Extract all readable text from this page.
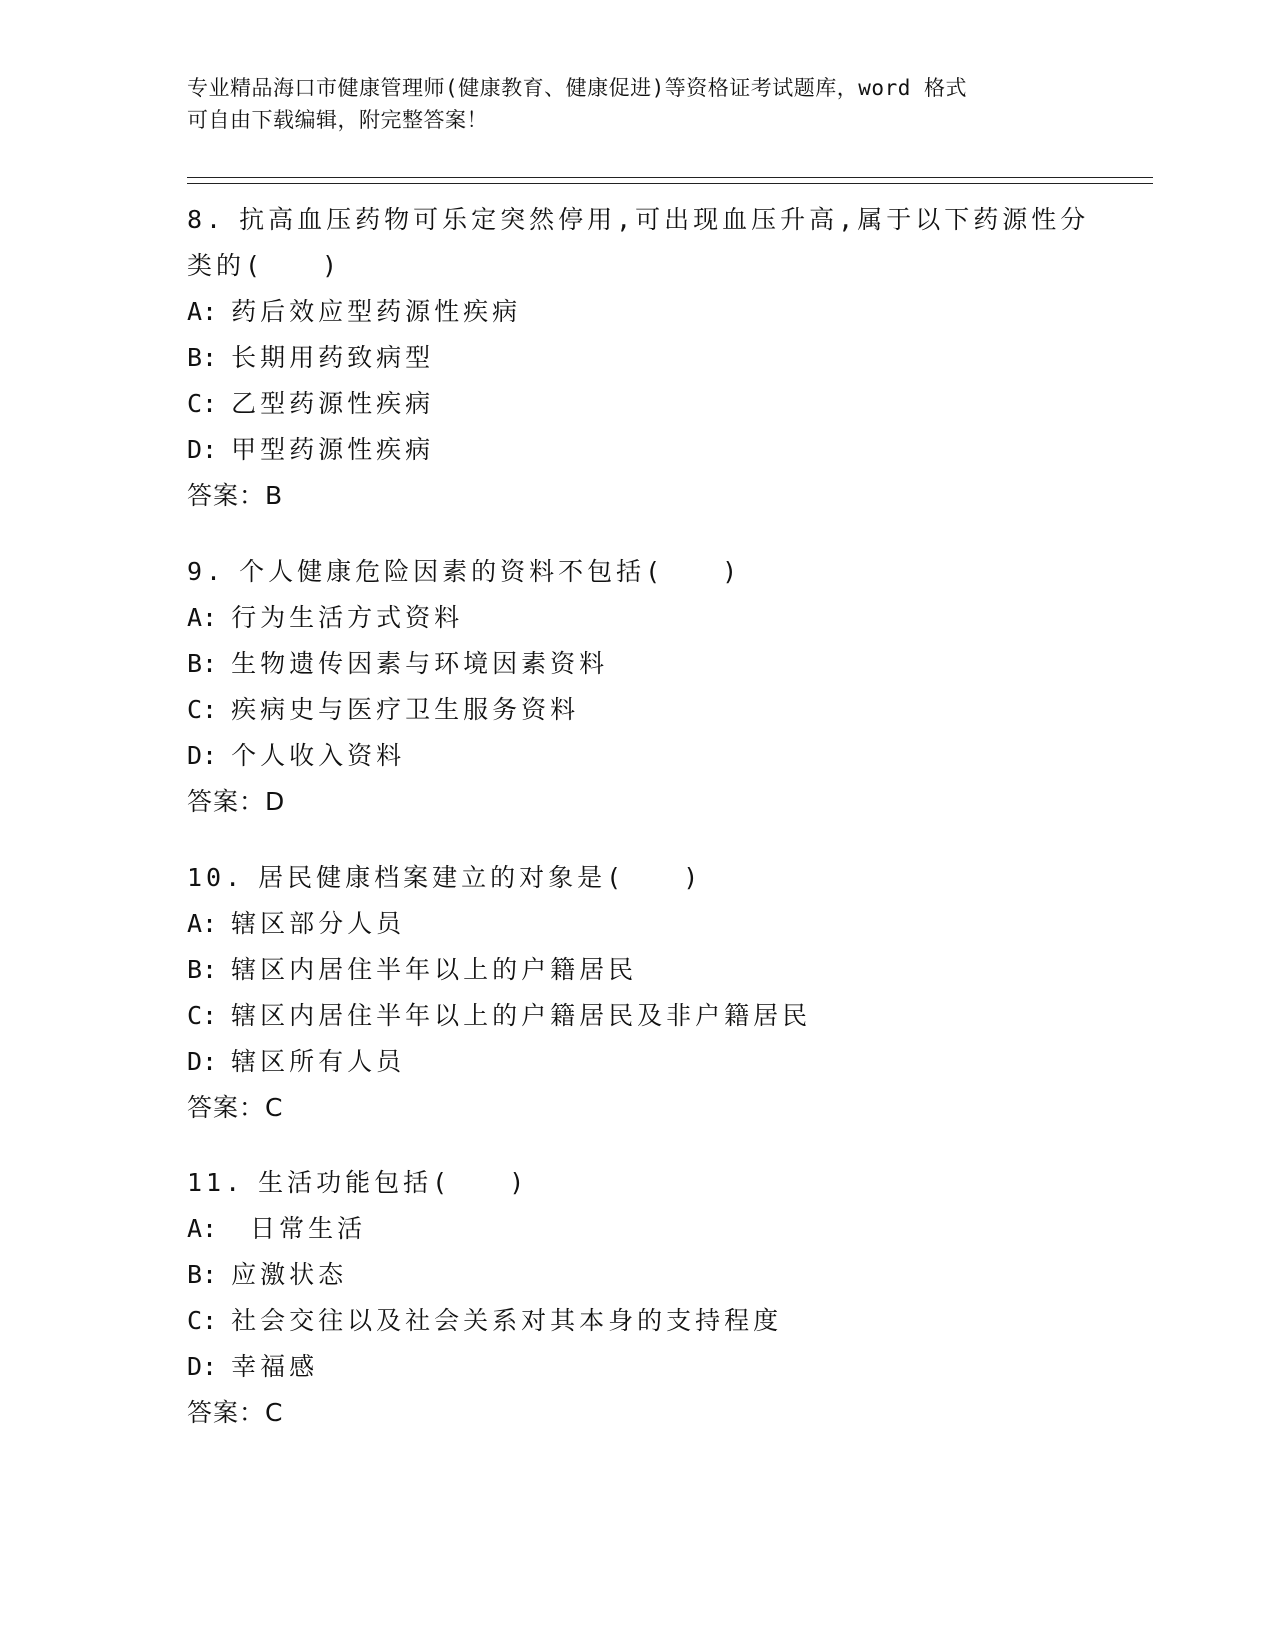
专业精品海口市健康管理师(健康教育、健康促进)等资格证考试题库，word 格式
可自由下载编辑，附完整答案！
8. 抗高血压药物可乐定突然停用,可出现血压升高,属于以下药源性分
类的(　　)
A: 药后效应型药源性疾病
B: 长期用药致病型
C: 乙型药源性疾病
D: 甲型药源性疾病
答案：B
9. 个人健康危险因素的资料不包括(　　)
A: 行为生活方式资料
B: 生物遗传因素与环境因素资料
C: 疾病史与医疗卫生服务资料
D: 个人收入资料
答案：D
10. 居民健康档案建立的对象是(　　)
A: 辖区部分人员
B: 辖区内居住半年以上的户籍居民
C: 辖区内居住半年以上的户籍居民及非户籍居民
D: 辖区所有人员
答案：C
11. 生活功能包括(　　)
A: 日常生活
B: 应激状态
C: 社会交往以及社会关系对其本身的支持程度
D: 幸福感
答案：C
